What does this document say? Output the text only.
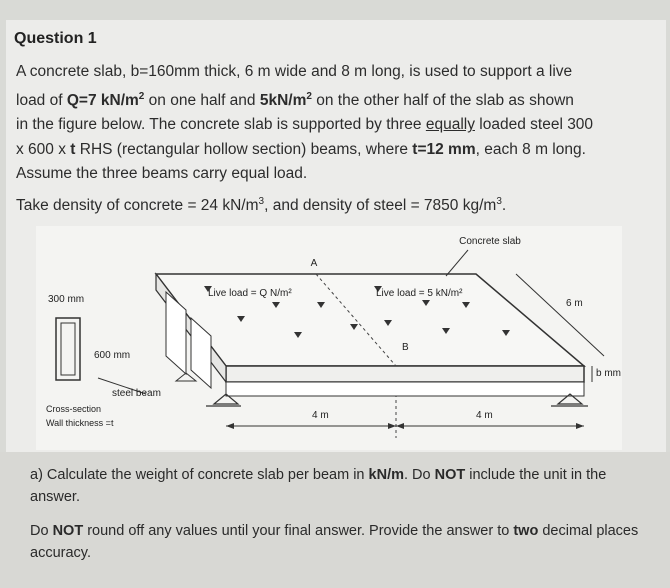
Question 1
A concrete slab, b=160mm thick, 6 m wide and 8 m long, is used to support a live
load of Q=7 $kN/m^2$ on one half and $5kN/m^2$ on the other half of the slab as shown
in the figure below. The concrete slab is supported by three equally loaded steel 300
x 600 x t RHS (rectangular hollow section) beams, where t=12 mm, each 8 m long.
Assume the three beams carry equal load.
Take density of concrete = 24 $kN/m^3$, and density of steel = 7850 $kg/m^3$.
Concrete slab
A
Live load = Q N/m²	Live load = 5 kN/m²
B
6 m
b mm
300 mm
600 mm
steel beam
Cross-section
Wall thickness =t
4 m	4 m
a) Calculate the weight of concrete slab per beam in kN/m. Do NOT include the unit in the answer.
Do NOT round off any values until your final answer. Provide the answer to two decimal places accuracy.
